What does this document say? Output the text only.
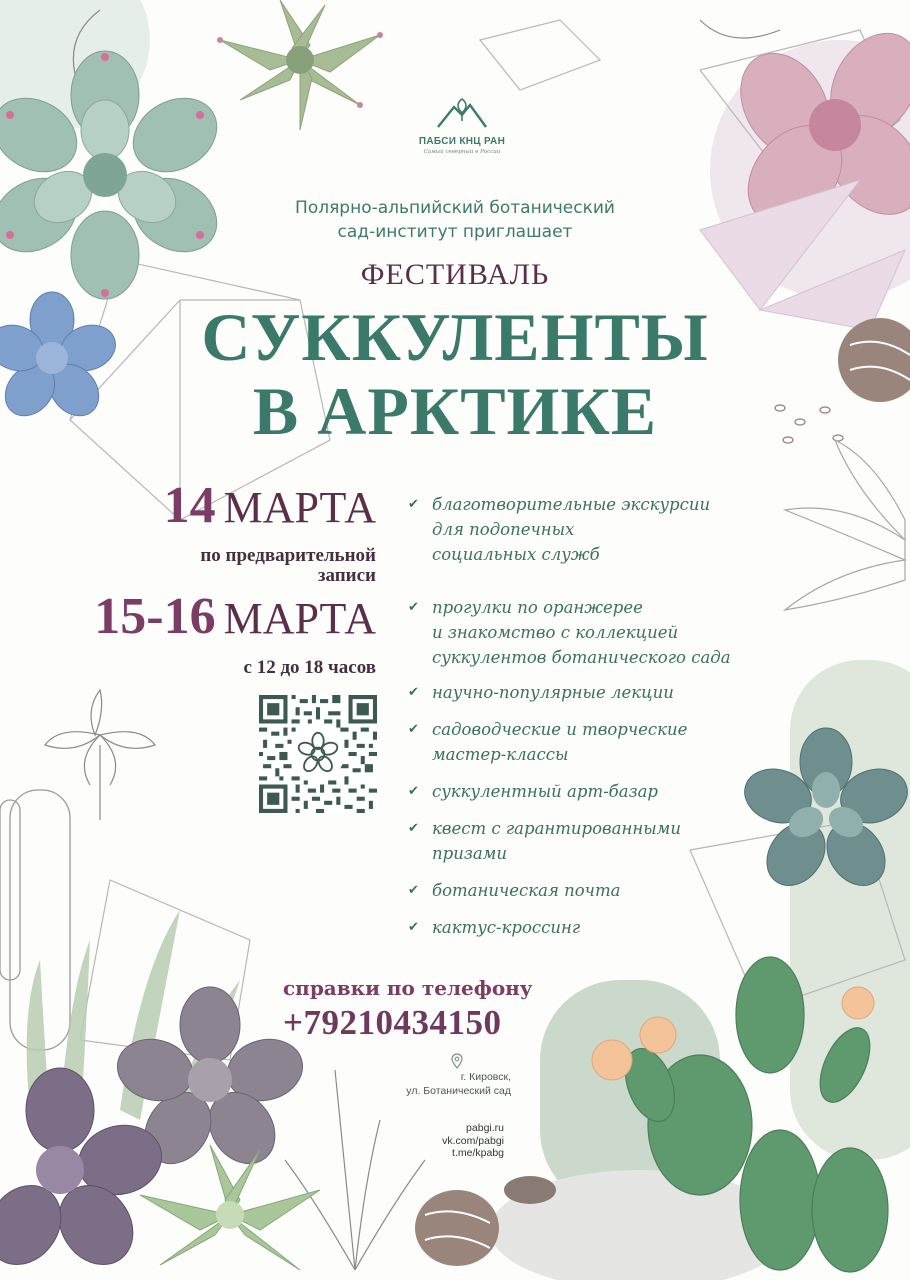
ПАБСИ КНЦ РАН
Самый северный в России
Полярно-альпийский ботанический
сад-институт приглашает
ФЕСТИВАЛЬ
СУККУЛЕНТЫ
В АРКТИКЕ
14 МАРТА
по предварительной
записи
15-16 МАРТА
с 12 до 18 часов
✔ благотворительные экскурсии
для подопечных
социальных служб
✔ прогулки по оранжерее
и знакомство с коллекцией
суккулентов ботанического сада
✔ научно-популярные лекции
✔ садоводческие и творческие
мастер-классы
✔ суккулентный арт-базар
✔ квест с гарантированными
призами
✔ ботаническая почта
✔ кактус-кроссинг
справки по телефону
+79210434150
г. Кировск,
ул. Ботанический сад
pabgi.ru
vk.com/pabgi
t.me/kpabg
